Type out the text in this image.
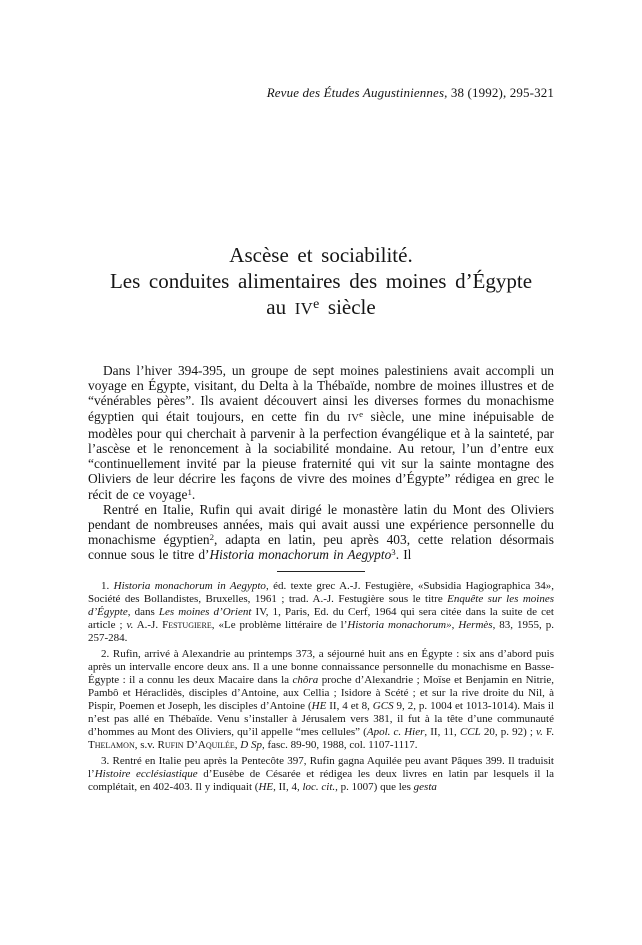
Revue des Études Augustiniennes, 38 (1992), 295-321
Ascèse et sociabilité.
Les conduites alimentaires des moines d’Égypte
au IVe siècle

Dans l’hiver 394-395, un groupe de sept moines palestiniens avait accompli un voyage en Égypte, visitant, du Delta à la Thébaïde, nombre de moines illustres et de “vénérables pères”. Ils avaient découvert ainsi les diverses formes du monachisme égyptien qui était toujours, en cette fin du IVe siècle, une mine inépuisable de modèles pour qui cherchait à parvenir à la perfection évangélique et à la sainteté, par l’ascèse et le renoncement à la sociabilité mondaine. Au retour, l’un d’entre eux “continuellement invité par la pieuse fraternité qui vit sur la sainte montagne des Oliviers de leur décrire les façons de vivre des moines d’Égypte” rédigea en grec le récit de ce voyage$^1$.

Rentré en Italie, Rufin qui avait dirigé le monastère latin du Mont des Oliviers pendant de nombreuses années, mais qui avait aussi une expérience personnelle du monachisme égyptien$^2$, adapta en latin, peu après 403, cette relation désormais connue sous le titre d’Historia monachorum in Aegypto$^3$. Il

1. Historia monachorum in Aegypto, éd. texte grec A.-J. Festugière, «Subsidia Hagiographica 34», Société des Bollandistes, Bruxelles, 1961 ; trad. A.-J. Festugière sous le titre Enquête sur les moines d’Égypte, dans Les moines d’Orient IV, 1, Paris, Ed. du Cerf, 1964 qui sera citée dans la suite de cet article ; v. A.-J. Festugiere, «Le problème littéraire de l’Historia monachorum», Hermès, 83, 1955, p. 257-284.

2. Rufin, arrivé à Alexandrie au printemps 373, a séjourné huit ans en Égypte : six ans d’abord puis après un intervalle encore deux ans. Il a une bonne connaissance personnelle du monachisme en Basse-Égypte : il a connu les deux Macaire dans la chôra proche d’Alexandrie ; Moïse et Benjamin en Nitrie, Pambô et Héraclidès, disciples d’Antoine, aux Cellia ; Isidore à Scété ; et sur la rive droite du Nil, à Pispir, Poemen et Joseph, les disciples d’Antoine (HE II, 4 et 8, GCS 9, 2, p. 1004 et 1013-1014). Mais il n’est pas allé en Thébaïde. Venu s’installer à Jérusalem vers 381, il fut à la tête d’une communauté d’hommes au Mont des Oliviers, qu’il appelle “mes cellules” (Apol. c. Hier, II, 11, CCL 20, p. 92) ; v. F. Thelamon, s.v. Rufin D’Aquilée, D Sp, fasc. 89-90, 1988, col. 1107-1117.

3. Rentré en Italie peu après la Pentecôte 397, Rufin gagna Aquilée peu avant Pâques 399. Il traduisit l’Histoire ecclésiastique d’Eusèbe de Césarée et rédigea les deux livres en latin par lesquels il la complétait, en 402-403. Il y indiquait (HE, II, 4, loc. cit., p. 1007) que les gesta
